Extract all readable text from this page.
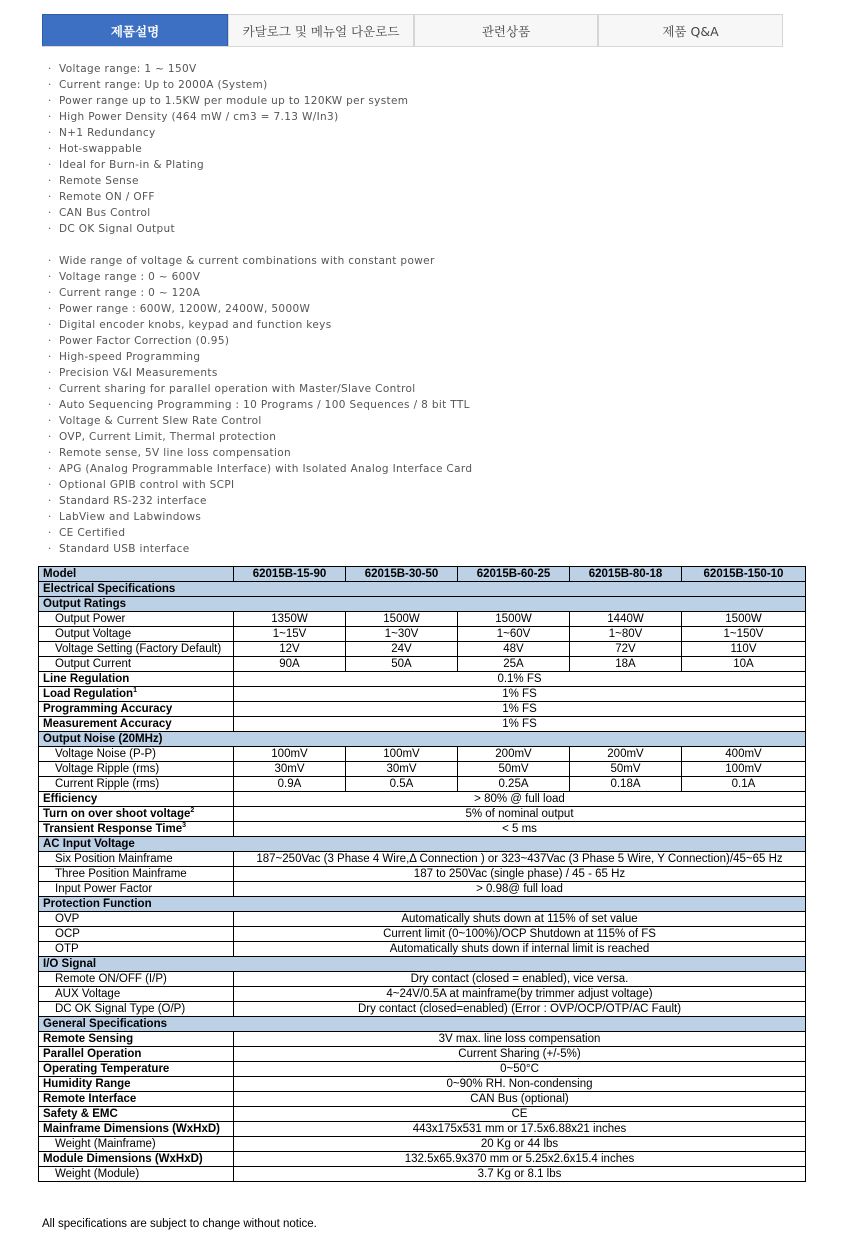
제품설명	카달로그 및 메뉴얼 다운로드	관련상품	제품 Q&A
· Voltage range: 1 ~ 150V
· Current range: Up to 2000A (System)
· Power range up to 1.5KW per module up to 120KW per system
· High Power Density (464 mW / cm3 = 7.13 W/In3)
· N+1 Redundancy
· Hot-swappable
· Ideal for Burn-in & Plating
· Remote Sense
· Remote ON / OFF
· CAN Bus Control
· DC OK Signal Output
· Wide range of voltage & current combinations with constant power
· Voltage range : 0 ~ 600V
· Current range : 0 ~ 120A
· Power range : 600W, 1200W, 2400W, 5000W
· Digital encoder knobs, keypad and function keys
· Power Factor Correction (0.95)
· High-speed Programming
· Precision V&I Measurements
· Current sharing for parallel operation with Master/Slave Control
· Auto Sequencing Programming : 10 Programs / 100 Sequences / 8 bit TTL
· Voltage & Current Slew Rate Control
· OVP, Current Limit, Thermal protection
· Remote sense, 5V line loss compensation
· APG (Analog Programmable Interface) with Isolated Analog Interface Card
· Optional GPIB control with SCPI
· Standard RS-232 interface
· LabView and Labwindows
· CE Certified
· Standard USB interface
Model	62015B-15-90	62015B-30-50	62015B-60-25	62015B-80-18	62015B-150-10
Electrical Specifications					
Output Ratings					
Output Power	1350W	1500W	1500W	1440W	1500W
Output Voltage	1~15V	1~30V	1~60V	1~80V	1~150V
Voltage Setting (Factory Default)	12V	24V	48V	72V	110V
Output Current	90A	50A	25A	18A	10A
Line Regulation	0.1% FS				
Load Regulation$^1$	1% FS				
Programming Accuracy	1% FS				
Measurement Accuracy	1% FS				
Output Noise (20MHz)					
Voltage Noise (P-P)	100mV	100mV	200mV	200mV	400mV
Voltage Ripple (rms)	30mV	30mV	50mV	50mV	100mV
Current Ripple (rms)	0.9A	0.5A	0.25A	0.18A	0.1A
Efficiency	> 80% @ full load				
Turn on over shoot voltage$^2$	5% of nominal output				
Transient Response Time$^3$	< 5 ms				
AC Input Voltage					
Six Position Mainframe	187~250Vac (3 Phase 4 Wire,Δ Connection ) or 323~437Vac (3 Phase 5 Wire, Y Connection)/45~65 Hz				
Three Position Mainframe	187 to 250Vac (single phase) / 45 - 65 Hz				
Input Power Factor	> 0.98@ full load				
Protection Function					
OVP	Automatically shuts down at 115% of set value				
OCP	Current limit (0~100%)/OCP Shutdown at 115% of FS				
OTP	Automatically shuts down if internal limit is reached				
I/O Signal					
Remote ON/OFF (I/P)	Dry contact (closed = enabled), vice versa.				
AUX Voltage	4~24V/0.5A at mainframe(by trimmer adjust voltage)				
DC OK Signal Type (O/P)	Dry contact (closed=enabled) (Error : OVP/OCP/OTP/AC Fault)				
General Specifications					
Remote Sensing	3V max. line loss compensation				
Parallel Operation	Current Sharing (+/-5%)				
Operating Temperature	0~50°C				
Humidity Range	0~90% RH. Non-condensing				
Remote Interface	CAN Bus (optional)				
Safety & EMC	CE				
Mainframe Dimensions (WxHxD)	443x175x531 mm or 17.5x6.88x21 inches				
Weight (Mainframe)	20 Kg or 44 lbs				
Module Dimensions (WxHxD)	132.5x65.9x370 mm or 5.25x2.6x15.4 inches				
Weight (Module)	3.7 Kg or 8.1 lbs				
All specifications are subject to change without notice.
